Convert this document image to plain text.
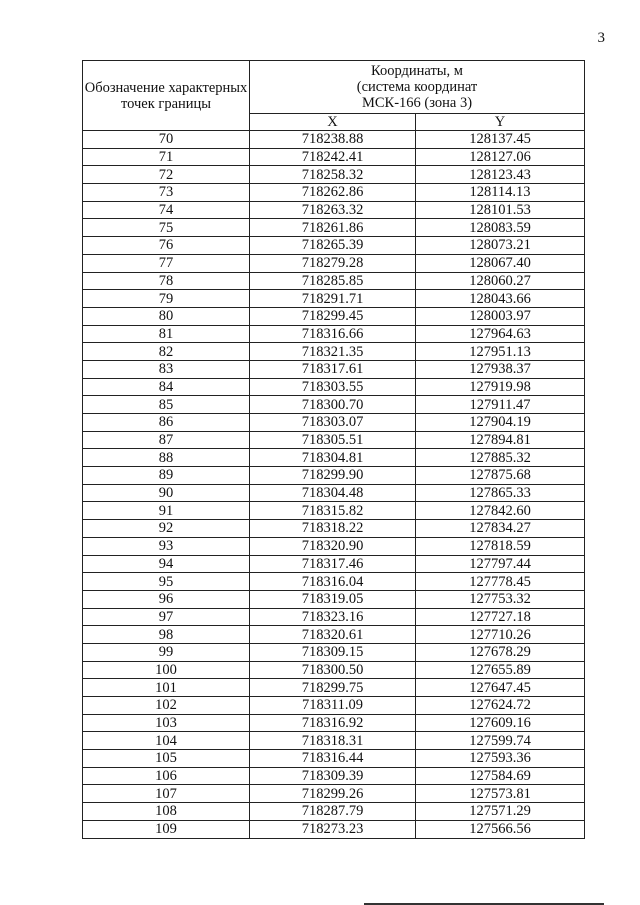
3
Обозначение характерных точек границы	Координаты, м
(система координат
МСК-166 (зона 3)	
	X	Y
70	718238.88	128137.45
71	718242.41	128127.06
72	718258.32	128123.43
73	718262.86	128114.13
74	718263.32	128101.53
75	718261.86	128083.59
76	718265.39	128073.21
77	718279.28	128067.40
78	718285.85	128060.27
79	718291.71	128043.66
80	718299.45	128003.97
81	718316.66	127964.63
82	718321.35	127951.13
83	718317.61	127938.37
84	718303.55	127919.98
85	718300.70	127911.47
86	718303.07	127904.19
87	718305.51	127894.81
88	718304.81	127885.32
89	718299.90	127875.68
90	718304.48	127865.33
91	718315.82	127842.60
92	718318.22	127834.27
93	718320.90	127818.59
94	718317.46	127797.44
95	718316.04	127778.45
96	718319.05	127753.32
97	718323.16	127727.18
98	718320.61	127710.26
99	718309.15	127678.29
100	718300.50	127655.89
101	718299.75	127647.45
102	718311.09	127624.72
103	718316.92	127609.16
104	718318.31	127599.74
105	718316.44	127593.36
106	718309.39	127584.69
107	718299.26	127573.81
108	718287.79	127571.29
109	718273.23	127566.56
